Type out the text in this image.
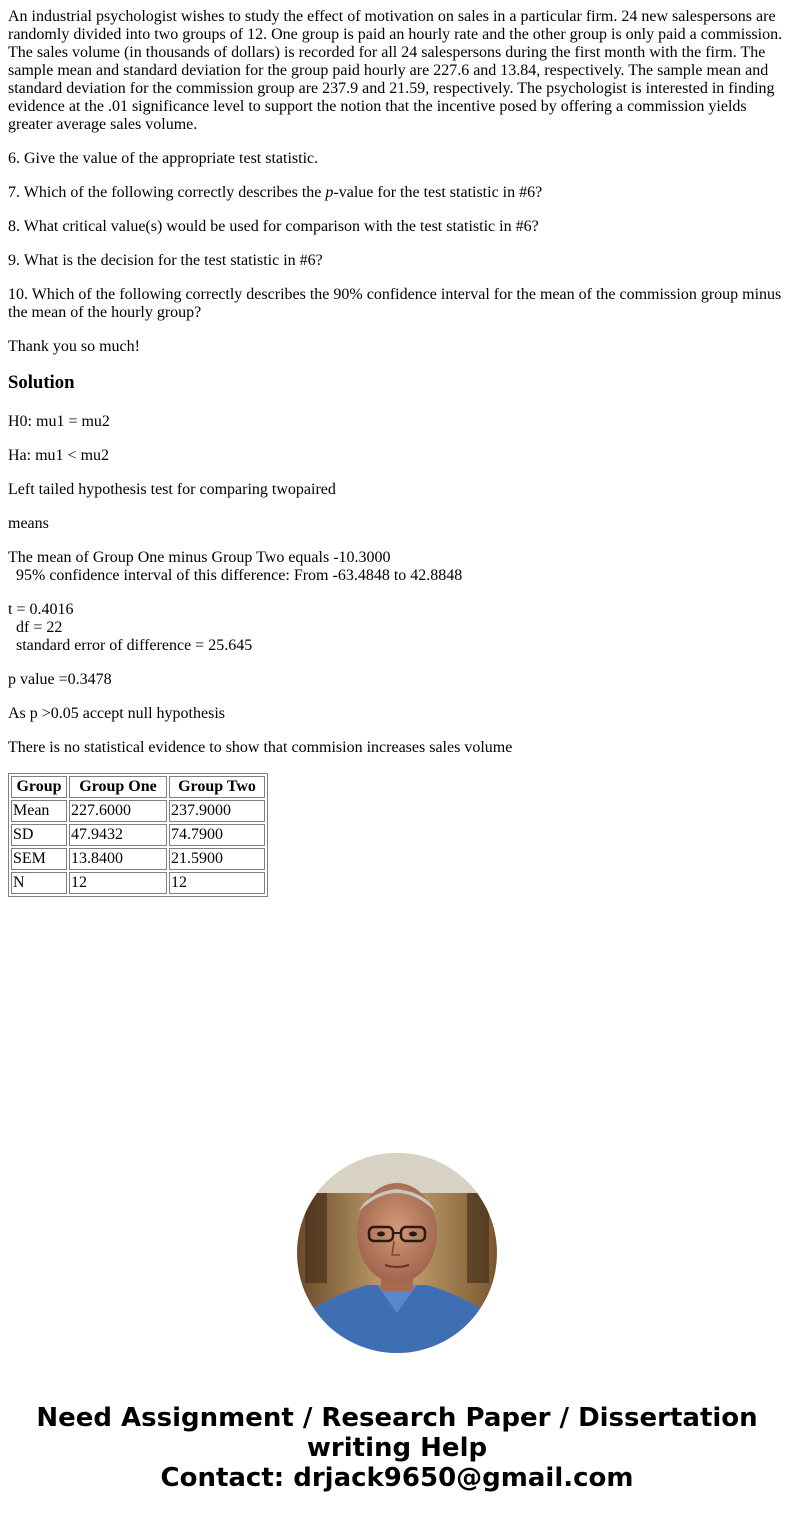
An industrial psychologist wishes to study the effect of motivation on sales in a particular firm. 24 new salespersons are randomly divided into two groups of 12. One group is paid an hourly rate and the other group is only paid a commission. The sales volume (in thousands of dollars) is recorded for all 24 salespersons during the first month with the firm. The sample mean and standard deviation for the group paid hourly are 227.6 and 13.84, respectively. The sample mean and standard deviation for the commission group are 237.9 and 21.59, respectively. The psychologist is interested in finding evidence at the .01 significance level to support the notion that the incentive posed by offering a commission yields greater average sales volume.

6. Give the value of the appropriate test statistic.

7. Which of the following correctly describes the p-value for the test statistic in #6?

8. What critical value(s) would be used for comparison with the test statistic in #6?

9. What is the decision for the test statistic in #6?

10. Which of the following correctly describes the 90% confidence interval for the mean of the commission group minus the mean of the hourly group?

Thank you so much!

Solution
H0: mu1 = mu2
Ha: mu1 < mu2
Left tailed hypothesis test for comparing twopaired
means
The mean of Group One minus Group Two equals -10.3000
95% confidence interval of this difference: From -63.4848 to 42.8848
t = 0.4016
df = 22
standard error of difference = 25.645
p value =0.3478
As p >0.05 accept null hypothesis
There is no statistical evidence to show that commision increases sales volume
Group	Group One	Group Two
Mean	227.6000	237.9000
SD	47.9432	74.7900
SEM	13.8400	21.5900
N	12	12
Need Assignment / Research Paper / Dissertation
writing Help
Contact: drjack9650@gmail.com
